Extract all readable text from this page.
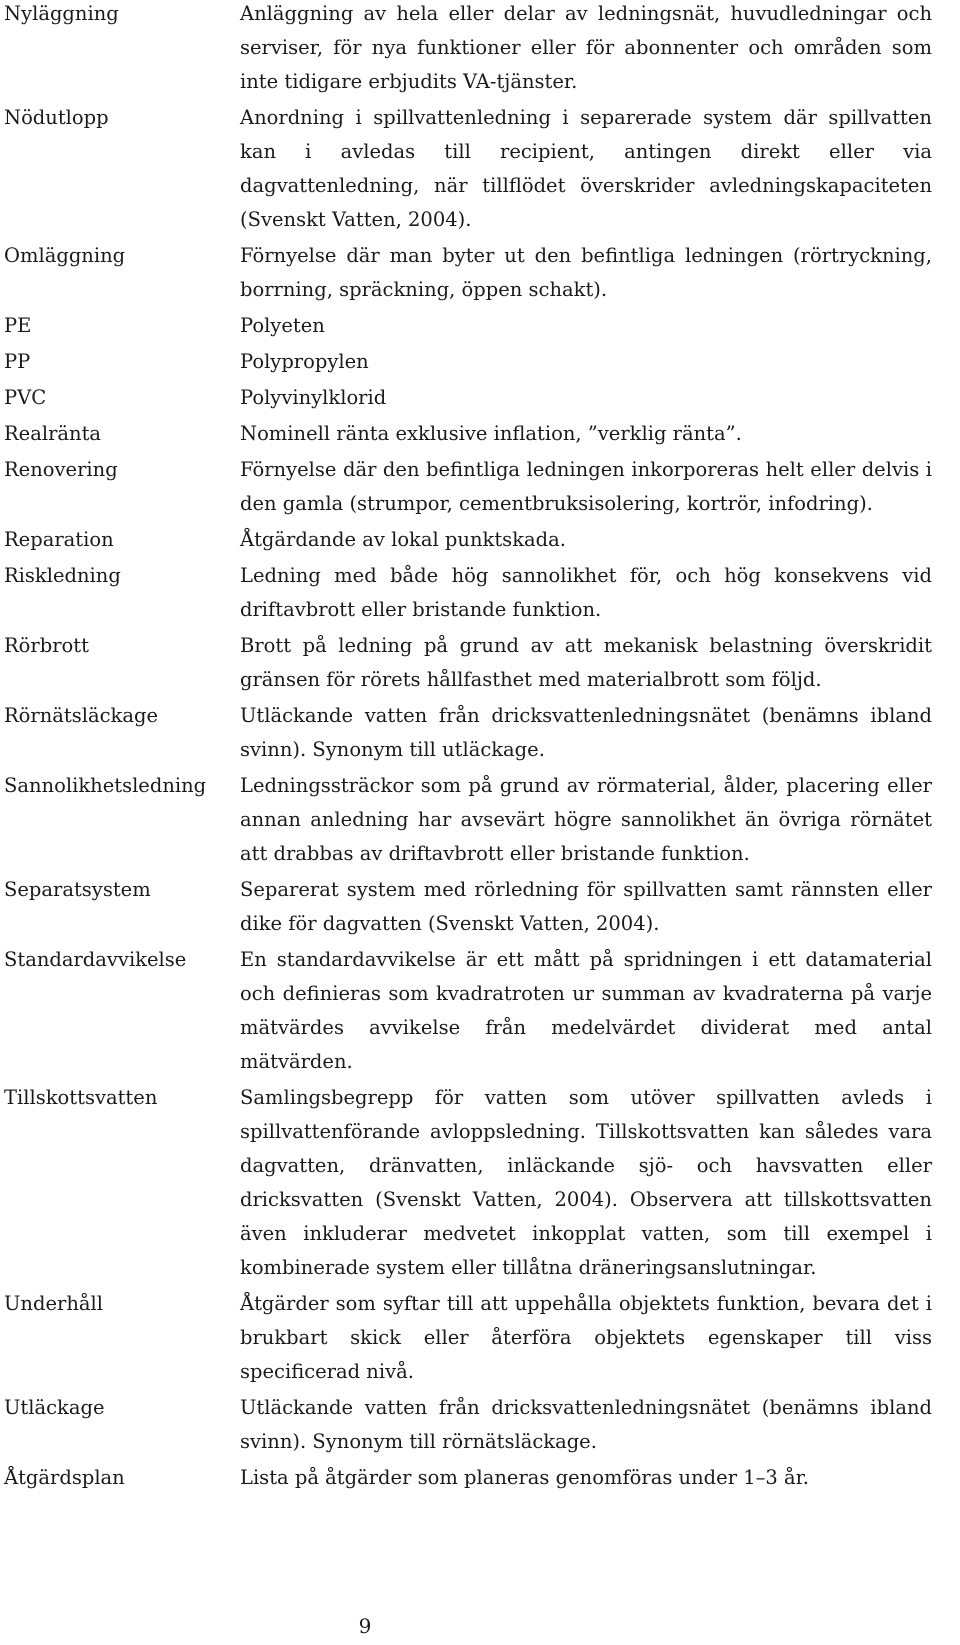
Nyläggning	Anläggning av hela eller delar av ledningsnät, huvudledningar och serviser, för nya funktioner eller för abonnenter och områden som inte tidigare erbjudits VA-tjänster.
Nödutlopp	Anordning i spillvattenledning i separerade system där spillvatten kan i avledas till recipient, antingen direkt eller via dagvattenledning, när tillflödet överskrider avledningskapaciteten (Svenskt Vatten, 2004).
Omläggning	Förnyelse där man byter ut den befintliga ledningen (rörtryckning, borrning, spräckning, öppen schakt).
PE	Polyeten
PP	Polypropylen
PVC	Polyvinylklorid
Realränta	Nominell ränta exklusive inflation, ”verklig ränta”.
Renovering	Förnyelse där den befintliga ledningen inkorporeras helt eller delvis i den gamla (strumpor, cementbruksisolering, kortrör, infodring).
Reparation	Åtgärdande av lokal punktskada.
Riskledning	Ledning med både hög sannolikhet för, och hög konsekvens vid driftavbrott eller bristande funktion.
Rörbrott	Brott på ledning på grund av att mekanisk belastning överskridit gränsen för rörets hållfasthet med materialbrott som följd.
Rörnätsläckage	Utläckande vatten från dricksvattenledningsnätet (benämns ibland svinn). Synonym till utläckage.
Sannolikhetsledning	Ledningssträckor som på grund av rörmaterial, ålder, placering eller annan anledning har avsevärt högre sannolikhet än övriga rörnätet att drabbas av driftavbrott eller bristande funktion.
Separatsystem	Separerat system med rörledning för spillvatten samt rännsten eller dike för dagvatten (Svenskt Vatten, 2004).
Standardavvikelse	En standardavvikelse är ett mått på spridningen i ett datamaterial och definieras som kvadratroten ur summan av kvadraterna på varje mätvärdes avvikelse från medelvärdet dividerat med antal mätvärden.
Tillskottsvatten	Samlingsbegrepp för vatten som utöver spillvatten avleds i spillvattenförande avloppsledning. Tillskottsvatten kan således vara dagvatten, dränvatten, inläckande sjö- och havsvatten eller dricksvatten (Svenskt Vatten, 2004). Observera att tillskottsvatten även inkluderar medvetet inkopplat vatten, som till exempel i kombinerade system eller tillåtna dräneringsanslutningar.
Underhåll	Åtgärder som syftar till att uppehålla objektets funktion, bevara det i brukbart skick eller återföra objektets egenskaper till viss specificerad nivå.
Utläckage	Utläckande vatten från dricksvattenledningsnätet (benämns ibland svinn). Synonym till rörnätsläckage.
Åtgärdsplan	Lista på åtgärder som planeras genomföras under 1–3 år.
9
